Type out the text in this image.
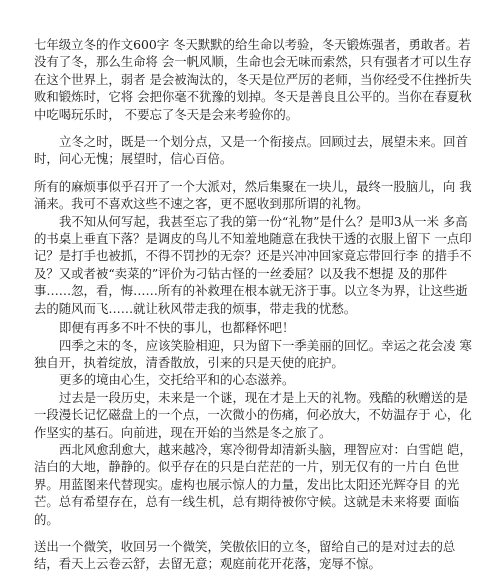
七年级立冬的作文600字 冬天默默的给生命以考验，冬天锻炼强者，勇敢者。若没有了冬，那么生命将 会一帆风顺，生命也会无味而索然，只有强者才可以生存在这个世界上，弱者 是会被淘汰的，冬天是位严厉的老师，当你经受不住挫折失败和锻炼时，它将 会把你毫不犹豫的划掉。冬天是善良且公平的。当你在春夏秋中吃喝玩乐时， 不要忘了冬天是会来考验你的。

立冬之时，既是一个划分点，又是一个衔接点。回顾过去，展望未来。回首 时，问心无愧；展望时，信心百倍。

所有的麻烦事似乎召开了一个大派对，然后集聚在一块儿，最终一股脑儿，向 我涌来。我可不喜欢这些不速之客，更不愿收到那所谓的礼物。

我不知从何写起，我甚至忘了我的第一份“礼物”是什么？是叩3从一米 多高的书桌上垂直下落？是调皮的鸟儿不知羞地随意在我快干透的衣服上留下 一点印记？是打手也被抓，不得不罚抄的无奈？还是兴冲冲回家竟忘带回行李 的措手不及？又或者被“卖菜的”评价为刁钻古怪的一丝委屈？以及我不想提 及的那件事……忽，看，悔……所有的补救理在根本就无济于事。以立冬为界，让这些逝去的随风而飞……就让秋风带走我的烦事，带走我的忧愁。

即便有再多不叶不快的事儿，也都释怀吧！

四季之末的冬，应该笑脸相迎，只为留下一季美丽的回忆。幸运之花会凌 寒独自开，执着绽放，清香散放，引来的只是天使的庇护。

更多的境由心生，交托给平和的心态滋养。

过去是一段历史，未来是一个谜，现在才是上天的礼物。残酷的秋赠送的是一段漫长记忆磁盘上的一个点，一次微小的伤痛，何必放大，不妨温存于 心，化作坚实的基石。向前进，现在开始的当然是冬之旅了。

西北风愈刮愈大，越来越冷，寒冷彻骨却清新头脑，理智应对：白雪皑 皑，洁白的大地，静静的。似乎存在的只是白茫茫的一片，别无仅有的一片白 色世界。用蓝图来代替现实。虚构也展示惊人的力量，发出比太阳还光辉夺目 的光芒。总有希望存在，总有一线生机，总有期待被你守候。这就是未来将要 面临的。

送出一个微笑，收回另一个微笑，笑傲依旧的立冬，留给自己的是对过去的总 结，看天上云卷云舒，去留无意；观庭前花开花落，宠辱不惊。
